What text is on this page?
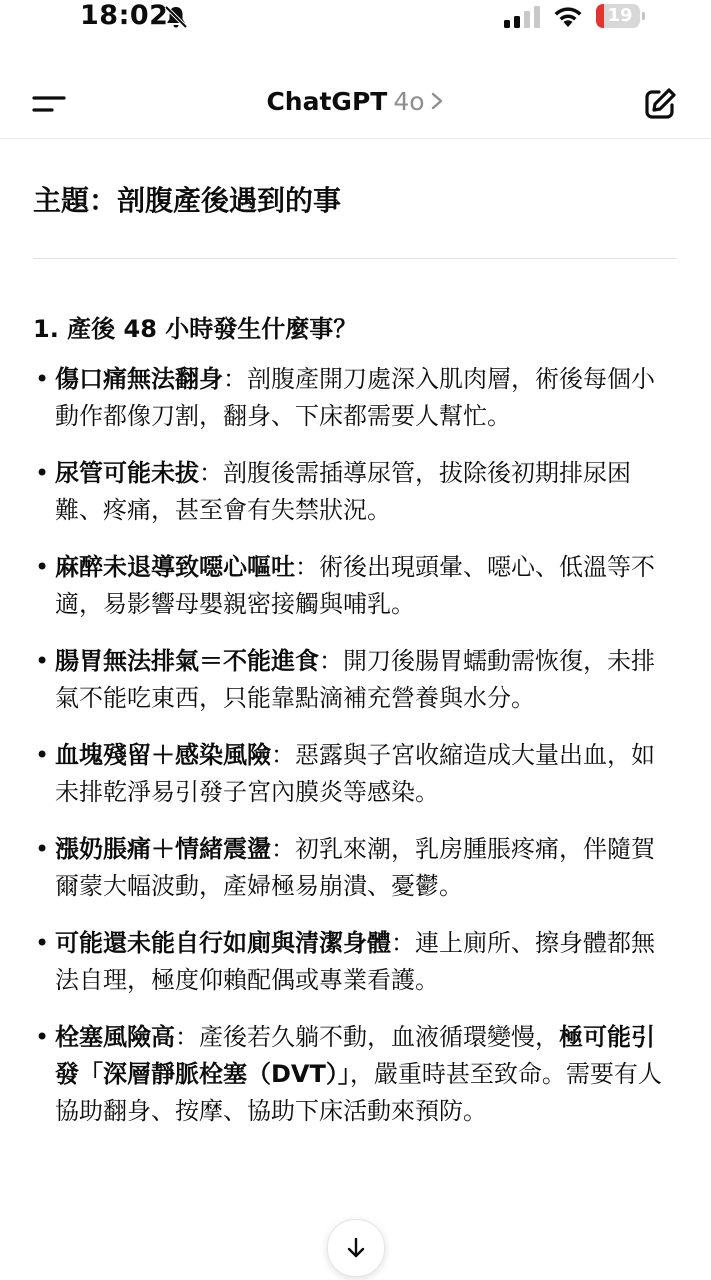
18:02	19
ChatGPT 4o
主題：剖腹產後遇到的事
1. 產後 48 小時發生什麼事？
• 傷口痛無法翻身：剖腹產開刀處深入肌肉層，術後每個小動作都像刀割，翻身、下床都需要人幫忙。
• 尿管可能未拔：剖腹後需插導尿管，拔除後初期排尿困難、疼痛，甚至會有失禁狀況。
• 麻醉未退導致噁心嘔吐：術後出現頭暈、噁心、低溫等不適，易影響母嬰親密接觸與哺乳。
• 腸胃無法排氣＝不能進食：開刀後腸胃蠕動需恢復，未排氣不能吃東西，只能靠點滴補充營養與水分。
• 血塊殘留＋感染風險：惡露與子宮收縮造成大量出血，如未排乾淨易引發子宮內膜炎等感染。
• 漲奶脹痛＋情緒震盪：初乳來潮，乳房腫脹疼痛，伴隨賀爾蒙大幅波動，產婦極易崩潰、憂鬱。
• 可能還未能自行如廁與清潔身體：連上廁所、擦身體都無法自理，極度仰賴配偶或專業看護。
• 栓塞風險高：產後若久躺不動，血液循環變慢，極可能引發「深層靜脈栓塞（DVT）」，嚴重時甚至致命。需要有人協助翻身、按摩、協助下床活動來預防。
